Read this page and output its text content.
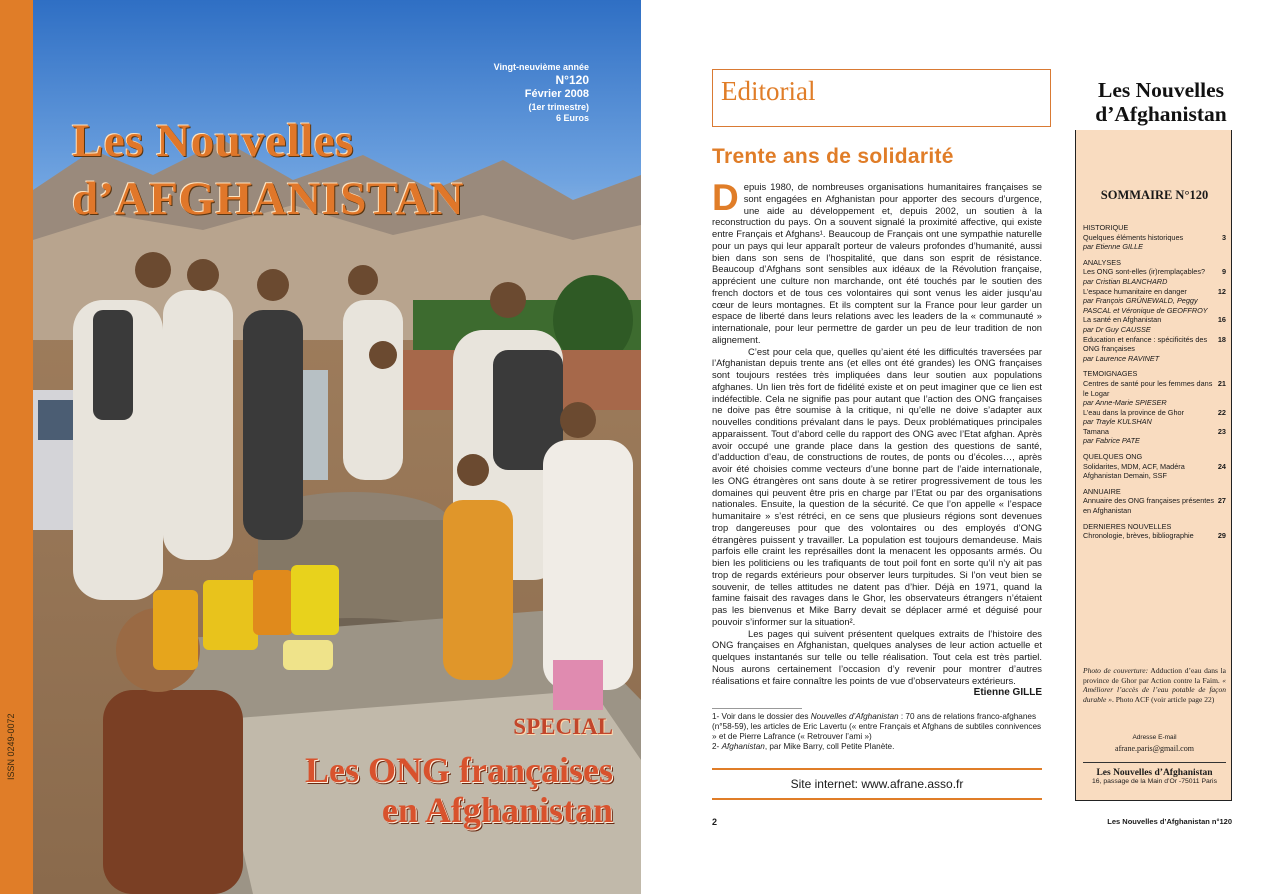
ISSN 0249-0072
Vingt-neuvième année
N°120
Février 2008
(1er trimestre)
6 Euros
Les Nouvelles
d’AFGHANISTAN
SPECIAL
Les ONG françaises
en Afghanistan
Editorial
Trente ans de solidarité

Depuis 1980, de nombreuses organisations humanitaires françaises se sont engagées en Afghanistan pour apporter des secours d’urgence, une aide au développement et, depuis 2002, un soutien à la reconstruction du pays. On a souvent signalé la proximité affective, qui existe entre Français et Afghans¹. Beaucoup de Français ont une sympathie naturelle pour un pays qui leur apparaît porteur de valeurs profondes d’humanité, aussi bien dans son sens de l’hospitalité, que dans son esprit de résistance. Beaucoup d’Afghans sont sensibles aux idéaux de la Révolution française, apprécient une culture non marchande, ont été touchés par le soutien des french doctors et de tous ces volontaires qui sont venus les aider jusqu’au cœur de leurs montagnes. Et ils comptent sur la France pour leur garder un espace de liberté dans leurs relations avec les leaders de la « communauté » internationale, pour leur permettre de garder un peu de leur tradition de non alignement.

C’est pour cela que, quelles qu’aient été les difficultés traversées par l’Afghanistan depuis trente ans (et elles ont été grandes) les ONG françaises sont toujours restées très impliquées dans leur soutien aux populations afghanes. Un lien très fort de fidélité existe et on peut imaginer que ce lien est indéfectible. Cela ne signifie pas pour autant que l’action des ONG françaises ne doive pas être soumise à la critique, ni qu’elle ne doive s’adapter aux nouvelles conditions prévalant dans le pays. Deux problématiques principales apparaissent. Tout d’abord celle du rapport des ONG avec l’Etat afghan. Après avoir occupé une grande place dans la gestion des questions de santé, d’adduction d’eau, de constructions de routes, de ponts ou d’écoles…, après avoir été choisies comme vecteurs d’une bonne part de l’aide internationale, les ONG étrangères ont sans doute à se retirer progressivement de tous les domaines qui peuvent être pris en charge par l’Etat ou par des organisations nationales. Ensuite, la question de la sécurité. Ce que l’on appelle « l’espace humanitaire » s’est rétréci, en ce sens que plusieurs régions sont devenues trop dangereuses pour que des volontaires ou des employés d’ONG étrangères puissent y travailler. La population est toujours demandeuse. Mais parfois elle craint les représailles dont la menacent les opposants armés. Ou bien les politiciens ou les trafiquants de tout poil font en sorte qu’il n’y ait pas trop de regards extérieurs pour observer leurs turpitudes. Si l’on veut bien se souvenir, de telles attitudes ne datent pas d’hier. Déjà en 1971, quand la famine faisait des ravages dans le Ghor, les observateurs étrangers n’étaient pas les bienvenus et Mike Barry devait se déplacer armé et déguisé pour pouvoir s’informer sur la situation².

Les pages qui suivent présentent quelques extraits de l’histoire des ONG françaises en Afghanistan, quelques analyses de leur action actuelle et quelques instantanés sur telle ou telle réalisation. Tout cela est très partiel. Nous aurons certainement l’occasion d’y revenir pour montrer d’autres réalisations et faire connaître les points de vue d’observateurs extérieurs.

Etienne GILLE
1- Voir dans le dossier des Nouvelles d’Afghanistan : 70 ans de relations franco-afghanes (n°58-59), les articles de Eric Lavertu (« entre Français et Afghans de subtiles connivences » et de Pierre Lafrance (« Retrouver l’ami »)
2- Afghanistan, par Mike Barry, coll Petite Planète.
Site internet: www.afrane.asso.fr
2	Les Nouvelles d’Afghanistan n°120
Les Nouvelles
d’Afghanistan
SOMMAIRE N°120
HISTORIQUE
3
Quelques éléments historiques
par Etienne GILLE
ANALYSES
9
Les ONG sont-elles (ir)remplaçables?
par Cristian BLANCHARD
12
L’espace humanitaire en danger
par François GRÜNEWALD, Peggy PASCAL et Véronique de GEOFFROY
16
La santé en Afghanistan
par Dr Guy CAUSSE
18
Education et enfance : spécificités des ONG françaises
par Laurence RAVINET
TEMOIGNAGES
21
Centres de santé pour les femmes dans le Logar
par Anne-Marie SPIESER
22
L’eau dans la province de Ghor
par Trayle KULSHAN
23
Tamana
par Fabrice PATE
QUELQUES ONG
24
Solidarites, MDM, ACF, Madéra Afghanistan Demain, SSF
ANNUAIRE
27
Annuaire des ONG françaises présentes en Afghanistan
DERNIERES NOUVELLES
29
Chronologie, brèves, bibliographie
Photo de couverture: Adduction d’eau dans la province de Ghor par Action contre la Faim. « Améliorer l’accès de l’eau potable de façon durable ». Photo ACF (voir article page 22)
Adresse E-mail
afrane.paris@gmail.com
Les Nouvelles d’Afghanistan
16, passage de la Main d’Or -75011 Paris
